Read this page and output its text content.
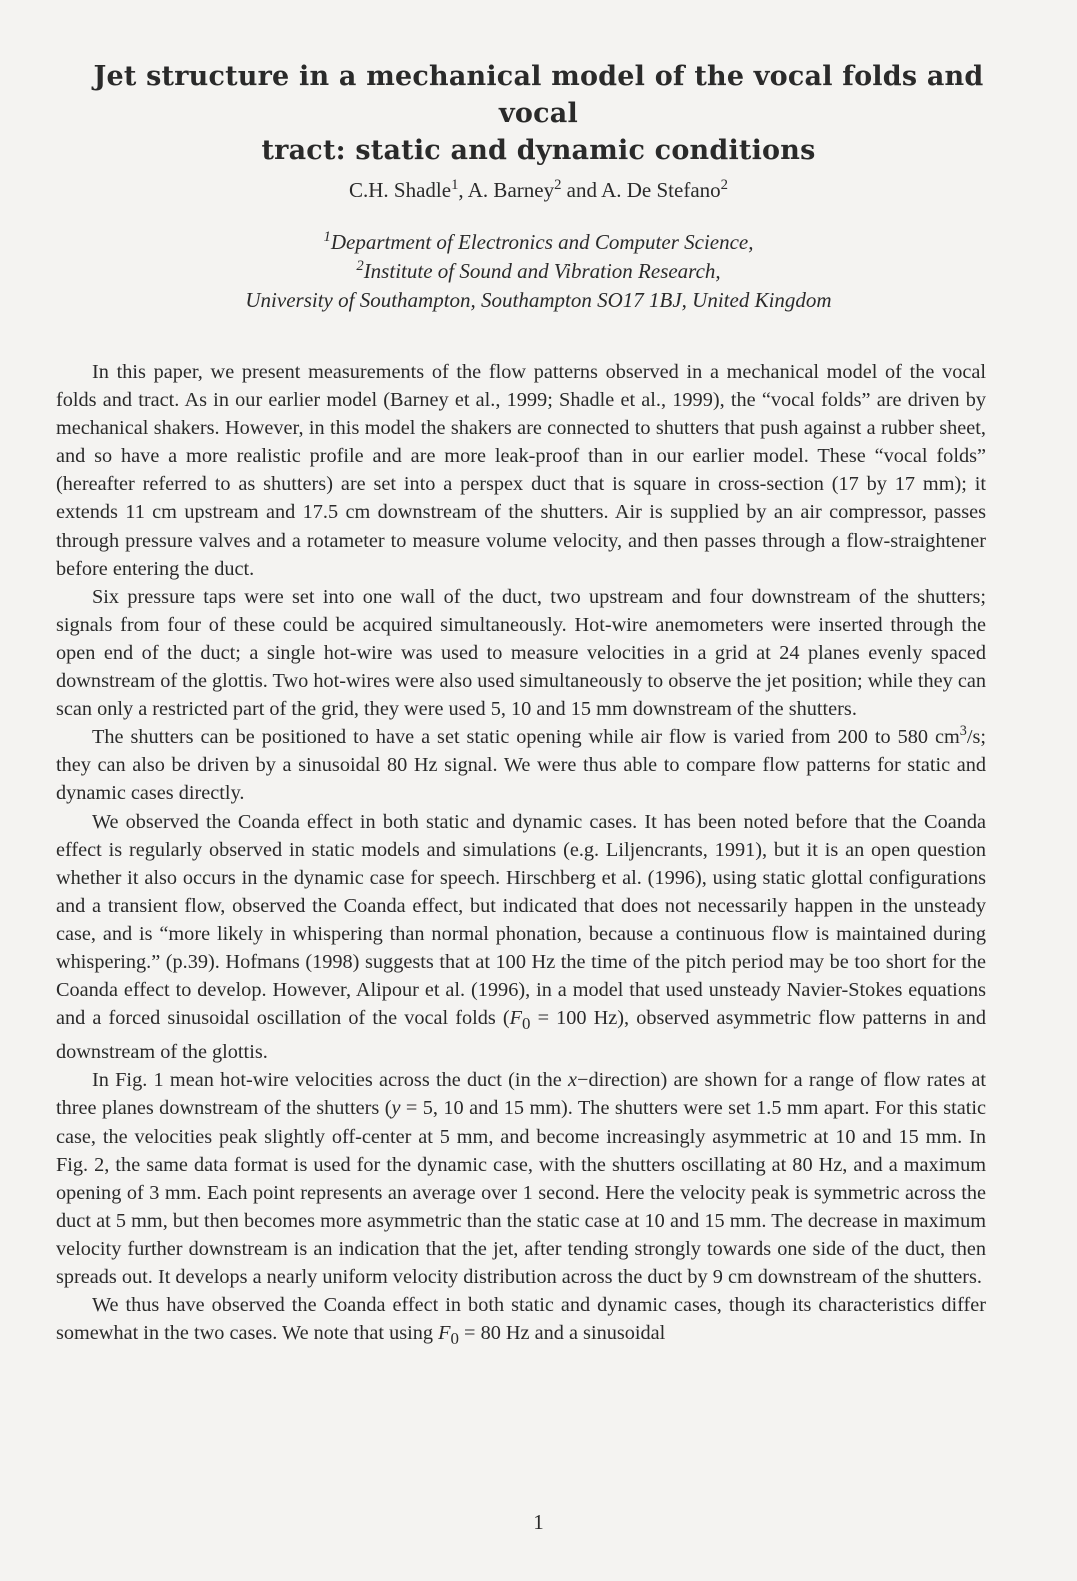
Jet structure in a mechanical model of the vocal folds and vocal
tract: static and dynamic conditions
C.H. Shadle$^1$, A. Barney$^2$ and A. De Stefano$^2$
$^1$Department of Electronics and Computer Science,
$^2$Institute of Sound and Vibration Research,
University of Southampton, Southampton SO17 1BJ, United Kingdom

In this paper, we present measurements of the flow patterns observed in a mechanical model of the vocal folds and tract. As in our earlier model (Barney et al., 1999; Shadle et al., 1999), the “vocal folds” are driven by mechanical shakers. However, in this model the shakers are connected to shutters that push against a rubber sheet, and so have a more realistic profile and are more leak-proof than in our earlier model. These “vocal folds” (hereafter referred to as shutters) are set into a perspex duct that is square in cross-section (17 by 17 mm); it extends 11 cm upstream and 17.5 cm downstream of the shutters. Air is supplied by an air compressor, passes through pressure valves and a rotameter to measure volume velocity, and then passes through a flow-straightener before entering the duct.

Six pressure taps were set into one wall of the duct, two upstream and four downstream of the shutters; signals from four of these could be acquired simultaneously. Hot-wire anemometers were inserted through the open end of the duct; a single hot-wire was used to measure velocities in a grid at 24 planes evenly spaced downstream of the glottis. Two hot-wires were also used simultaneously to observe the jet position; while they can scan only a restricted part of the grid, they were used 5, 10 and 15 mm downstream of the shutters.

The shutters can be positioned to have a set static opening while air flow is varied from 200 to 580 $cm^3/s$; they can also be driven by a sinusoidal 80 Hz signal. We were thus able to compare flow patterns for static and dynamic cases directly.

We observed the Coanda effect in both static and dynamic cases. It has been noted before that the Coanda effect is regularly observed in static models and simulations (e.g. Liljencrants, 1991), but it is an open question whether it also occurs in the dynamic case for speech. Hirschberg et al. (1996), using static glottal configurations and a transient flow, observed the Coanda effect, but indicated that does not necessarily happen in the unsteady case, and is “more likely in whispering than normal phonation, because a continuous flow is maintained during whispering.” (p.39). Hofmans (1998) suggests that at 100 Hz the time of the pitch period may be too short for the Coanda effect to develop. However, Alipour et al. (1996), in a model that used unsteady Navier-Stokes equations and a forced sinusoidal oscillation of the vocal folds ($F_0 = 100$ Hz), observed asymmetric flow patterns in and downstream of the glottis.

In Fig. 1 mean hot-wire velocities across the duct (in the x−direction) are shown for a range of flow rates at three planes downstream of the shutters (y = 5, 10 and 15 mm). The shutters were set 1.5 mm apart. For this static case, the velocities peak slightly off-center at 5 mm, and become increasingly asymmetric at 10 and 15 mm. In Fig. 2, the same data format is used for the dynamic case, with the shutters oscillating at 80 Hz, and a maximum opening of 3 mm. Each point represents an average over 1 second. Here the velocity peak is symmetric across the duct at 5 mm, but then becomes more asymmetric than the static case at 10 and 15 mm. The decrease in maximum velocity further downstream is an indication that the jet, after tending strongly towards one side of the duct, then spreads out. It develops a nearly uniform velocity distribution across the duct by 9 cm downstream of the shutters.

We thus have observed the Coanda effect in both static and dynamic cases, though its characteristics differ somewhat in the two cases. We note that using $F_0 = 80$ Hz and a sinusoidal

1
